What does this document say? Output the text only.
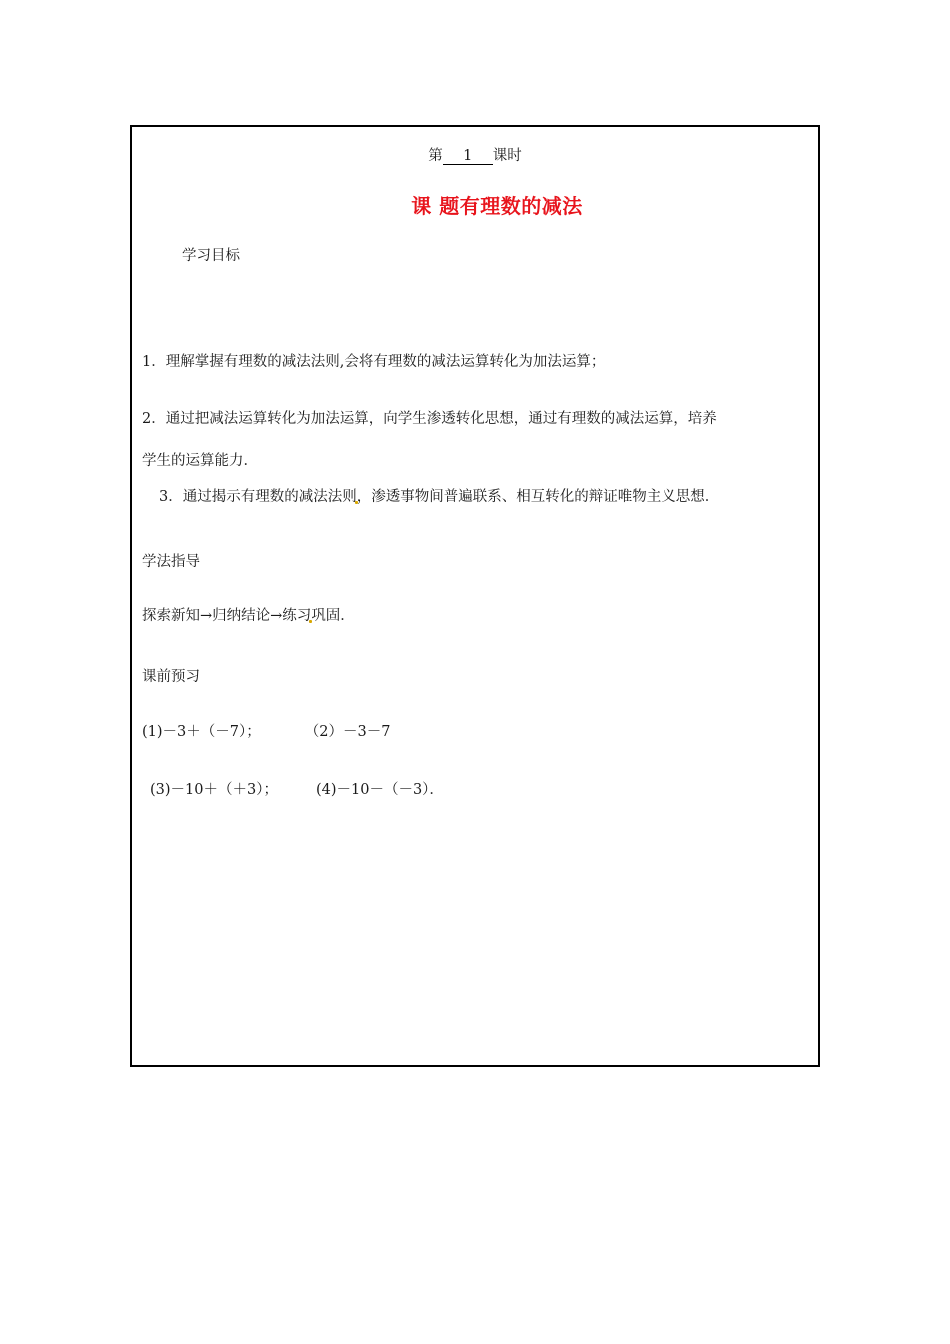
第 1 课时
课 题有理数的减法
学习目标
1．理解掌握有理数的减法法则,会将有理数的减法运算转化为加法运算；
2．通过把减法运算转化为加法运算，向学生渗透转化思想，通过有理数的减法运算，培养
学生的运算能力．
3．通过揭示有理数的减法法则，渗透事物间普遍联系、相互转化的辩证唯物主义思想．
学法指导
探索新知→归纳结论→练习巩固．
课前预习
(1)－3＋（－7）；	（2）－3－7
(3)－10＋（＋3）；	(4)－10－（－3）．
